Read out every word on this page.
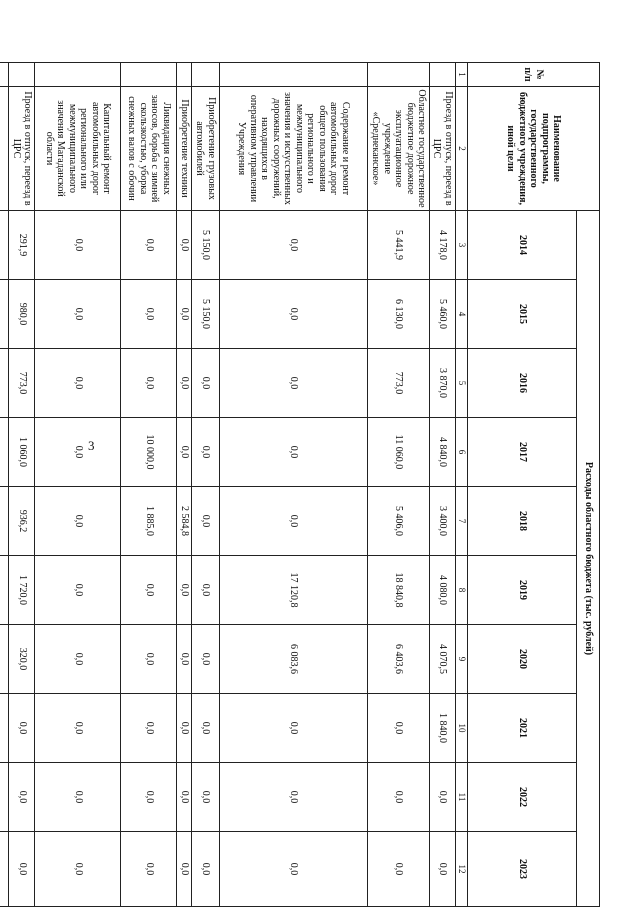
3
№ п/п	Наименование подпрограммы, государственного бюджетного учреждения, иной цели	Расходы областного бюджета (тыс. рублей)									
		2014	2015	2016	2017	2018	2019	2020	2021	2022	2023
1	2	3	4	5	6	7	8	9	10	11	12
	Проезд в отпуск, переезд в ЦРС	4 178,0	5 460,0	3 870,0	4 840,0	3 400,0	4 080,0	4 070,5	1 840,0	0,0	0,0
	Областное государственное бюджетное дорожное эксплуатационное учреждение «Среднеканское»	5 441,9	6 130,0	773,0	11 060,0	5 406,0	18 840,8	6 403,6	0,0	0,0	0,0
	Содержание и ремонт автомобильных дорог общего пользования регионального и межмуниципального значения и искусственных дорожных сооружений, находящихся в оперативном управлении Учреждения	0,0	0,0	0,0	0,0	0,0	17 120,8	6 083,6	0,0	0,0	0,0
	Приобретение грузовых автомобилей	5 150,0	5 150,0	0,0	0,0	0,0	0,0	0,0	0,0	0,0	0,0
	Приобретение техники	0,0	0,0	0,0	0,0	2 584,8	0,0	0,0	0,0	0,0	0,0
	Ликвидация снежных заносов, борьба с зимней скользкостью, уборка снежных валов с обочин	0,0	0,0	0,0	10 000,0	1 885,0	0,0	0,0	0,0	0,0	0,0
	Капитальный ремонт автомобильных дорог регионального или межмуниципального значения Магаданской области	0,0	0,0	0,0	0,0	0,0	0,0	0,0	0,0	0,0	0,0
	Проезд в отпуск, переезд в ЦРС	291,9	980,0	773,0	1 060,0	936,2	1 720,0	320,0	0,0	0,0	0,0
